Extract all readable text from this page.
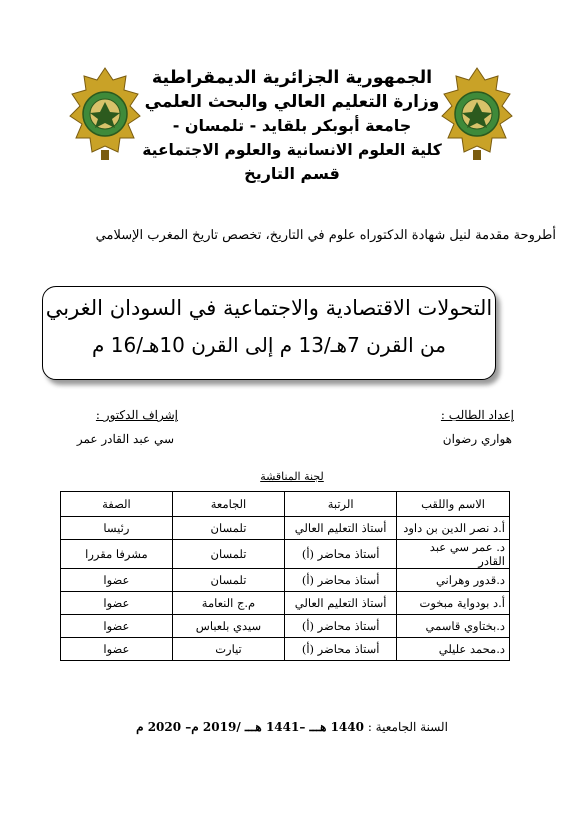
الجمهورية الجزائرية الديمقراطية
وزارة التعليم العالي والبحث العلمي
جامعة أبوبكر بلقايد - تلمسان -
كلية العلوم الانسانية والعلوم الاجتماعية
قسم التاريخ
أطروحة مقدمة لنيل شهادة الدكتوراه علوم في التاريخ، تخصص تاريخ المغرب الإسلامي
التحولات الاقتصادية والاجتماعية في السودان الغربي
من القرن 7هـ/13 م إلى القرن 10هـ/16 م
إعداد الطالب :
هواري رضوان
إشراف الدكتور :
سي عبد القادر عمر
لجنة المناقشة
الاسم واللقب	الرتبة	الجامعة	الصفة
أ.د نصر الدين بن داود	أستاذ التعليم العالي	تلمسان	رئيسا
د. عمر سي عبد القادر	أستاذ محاضر (أ)	تلمسان	مشرفا مقررا
د.قدور وهراني	أستاذ محاضر (أ)	تلمسان	عضوا
أ.د بودواية مبخوت	أستاذ التعليم العالي	م.ج النعامة	عضوا
د.بختاوي قاسمي	أستاذ محاضر (أ)	سيدي بلعباس	عضوا
د.محمد عليلي	أستاذ محاضر (أ)	تيارت	عضوا
السنة الجامعية : 1440 هـــ –1441 هـــ /2019 م– 2020 م
